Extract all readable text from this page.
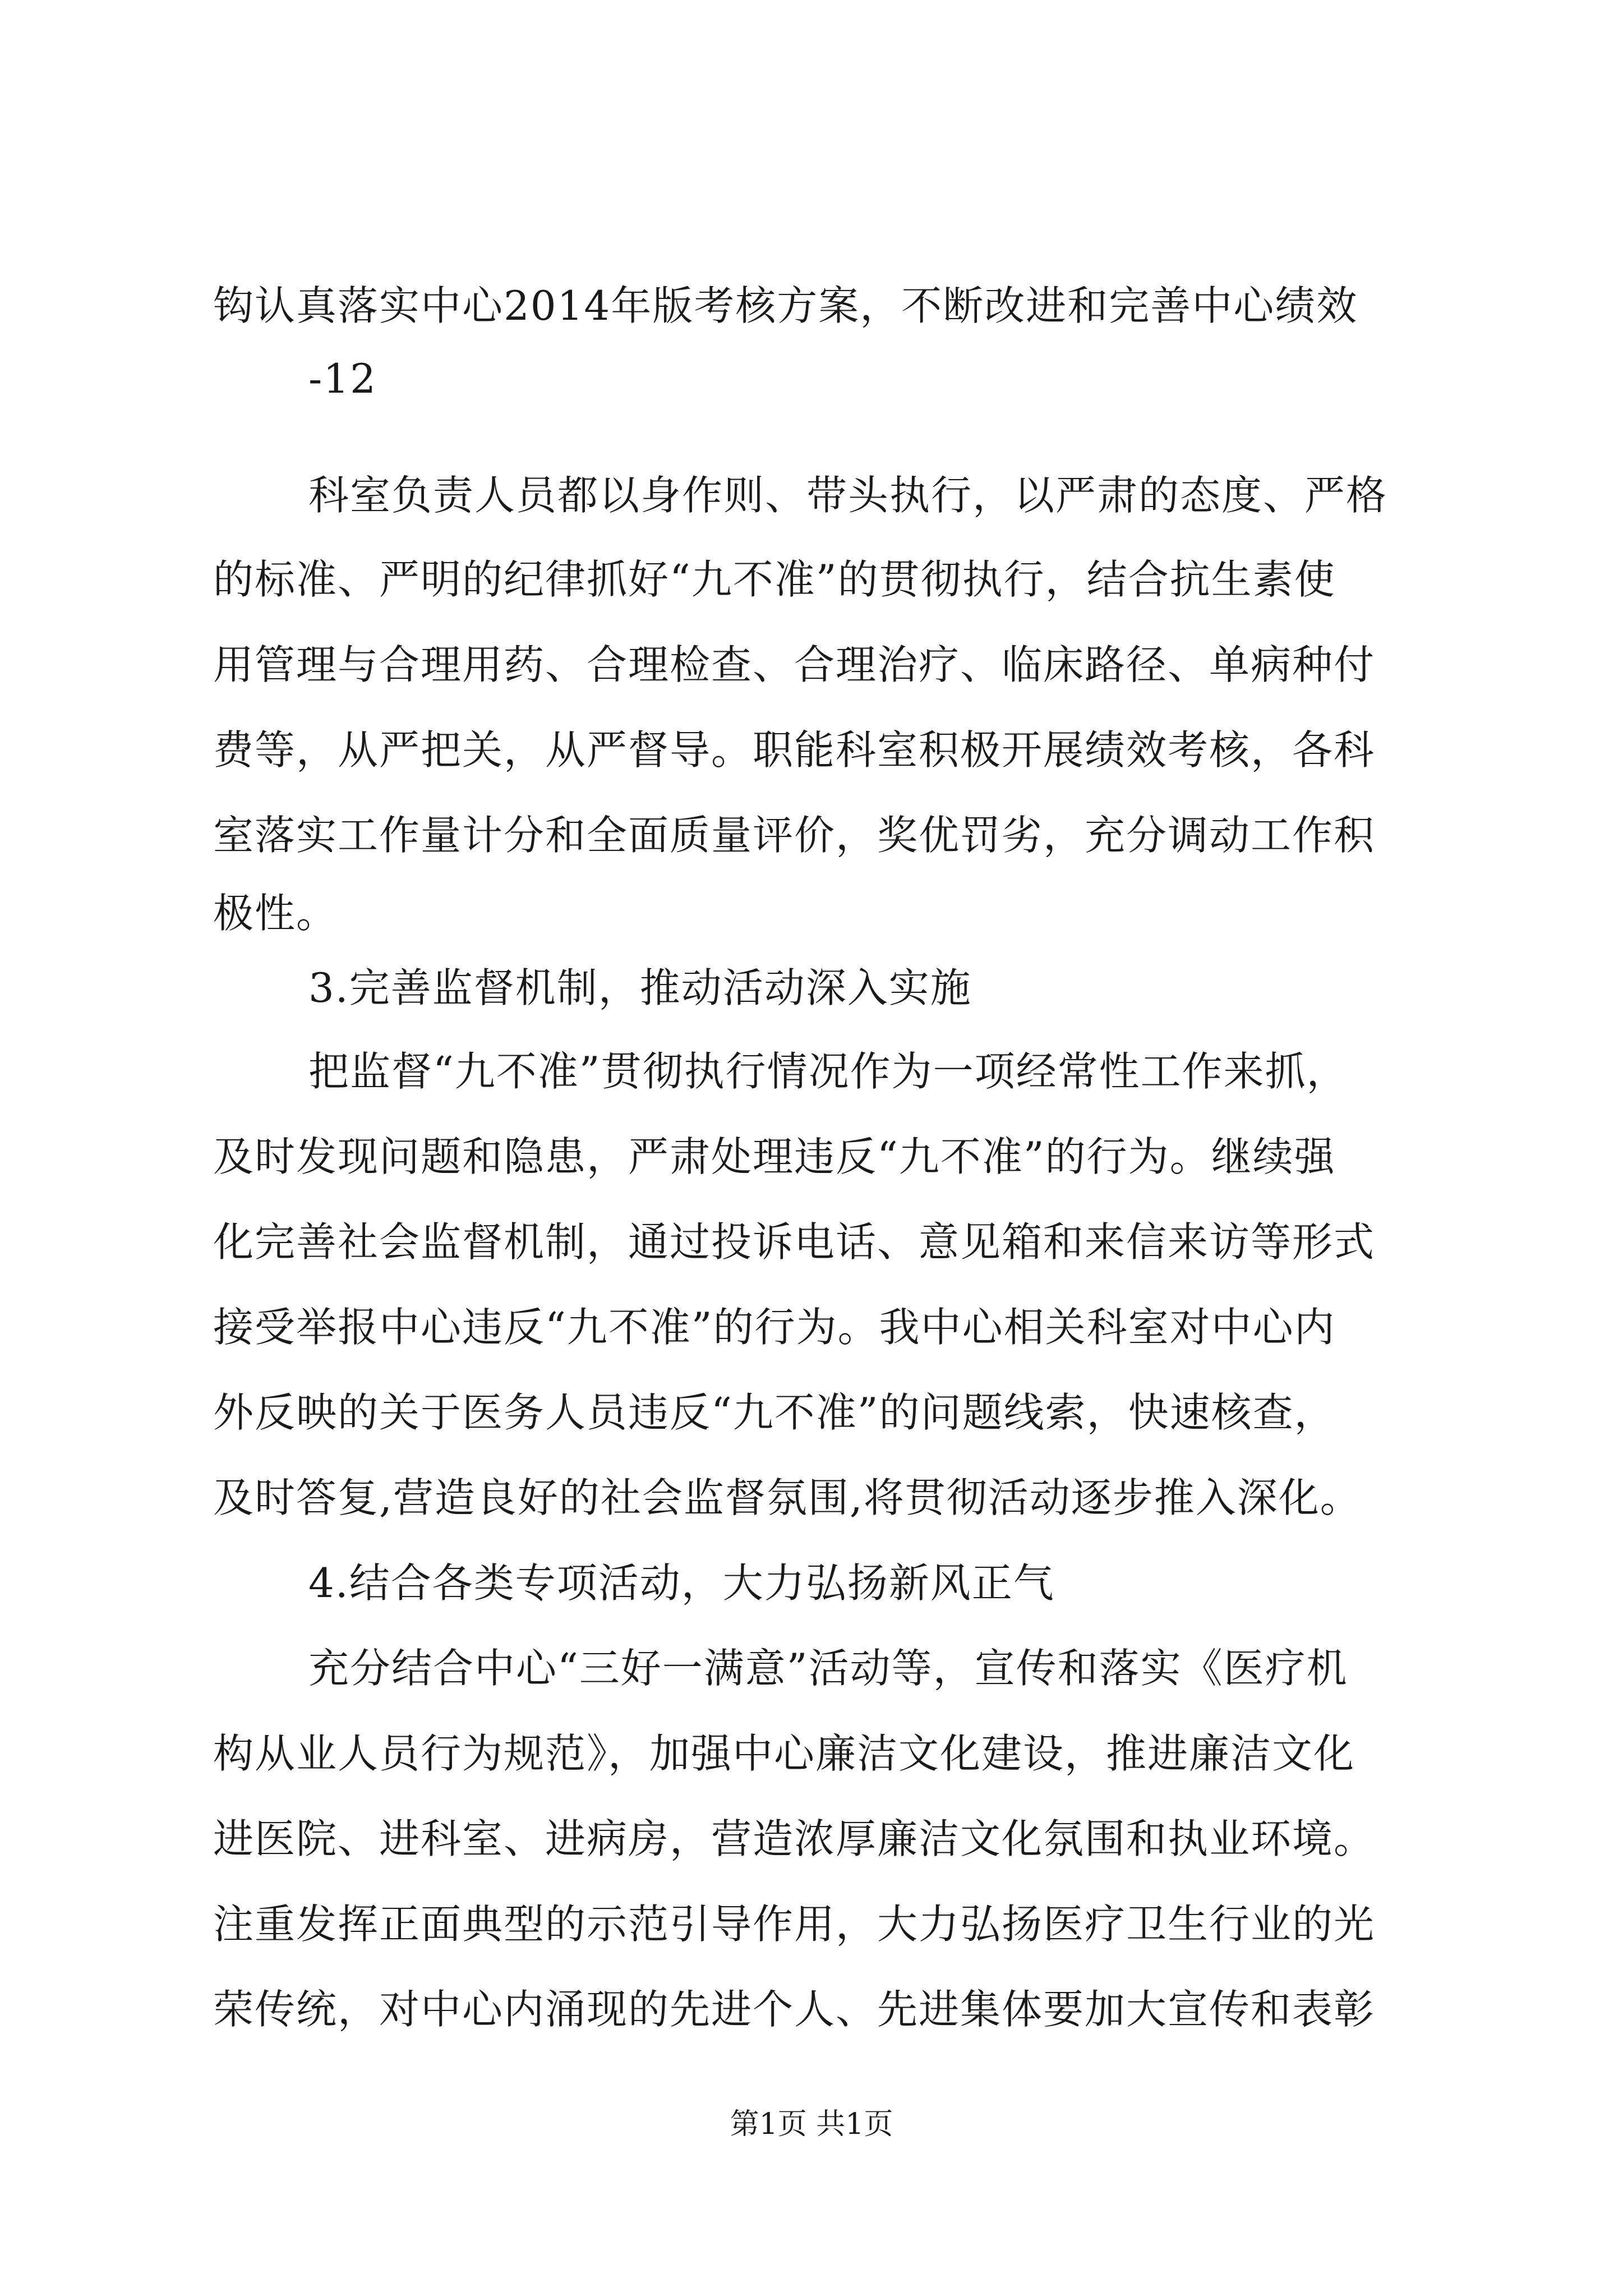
钩认真落实中心2014年版考核方案，不断改进和完善中心绩效
-12
科室负责人员都以身作则、带头执行，以严肃的态度、严格
的标准、严明的纪律抓好“九不准”的贯彻执行，结合抗生素使
用管理与合理用药、合理检查、合理治疗、临床路径、单病种付
费等，从严把关，从严督导。职能科室积极开展绩效考核，各科
室落实工作量计分和全面质量评价，奖优罚劣，充分调动工作积
极性。
3.完善监督机制，推动活动深入实施
把监督“九不准”贯彻执行情况作为一项经常性工作来抓，
及时发现问题和隐患，严肃处理违反“九不准”的行为。继续强
化完善社会监督机制，通过投诉电话、意见箱和来信来访等形式
接受举报中心违反“九不准”的行为。我中心相关科室对中心内
外反映的关于医务人员违反“九不准”的问题线索，快速核查，
及时答复,营造良好的社会监督氛围,将贯彻活动逐步推入深化。
4.结合各类专项活动，大力弘扬新风正气
充分结合中心“三好一满意”活动等，宣传和落实《医疗机
构从业人员行为规范》，加强中心廉洁文化建设，推进廉洁文化
进医院、进科室、进病房，营造浓厚廉洁文化氛围和执业环境。
注重发挥正面典型的示范引导作用，大力弘扬医疗卫生行业的光
荣传统，对中心内涌现的先进个人、先进集体要加大宣传和表彰
第1页 共1页
